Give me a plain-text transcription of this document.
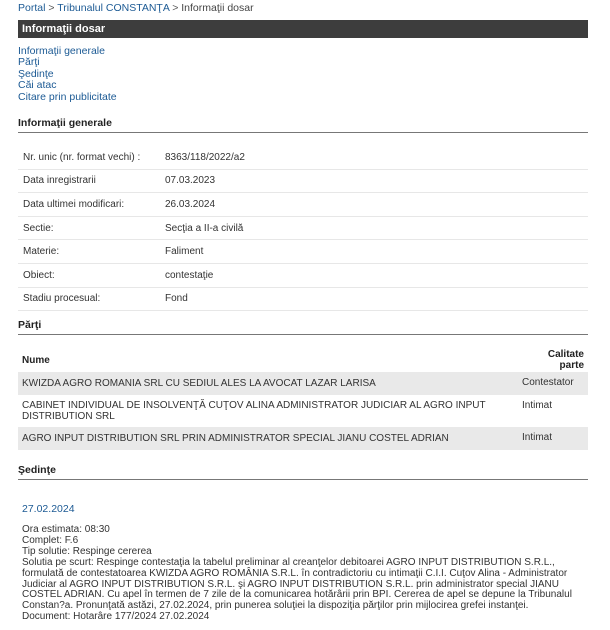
Portal > Tribunalul CONSTANŢA > Informaţii dosar
Informaţii dosar
Informaţii generale
Părţi
Şedinţe
Căi atac
Citare prin publicitate
Informaţii generale
Nr. unic (nr. format vechi) :	8363/118/2022/a2
Data inregistrarii	07.03.2023
Data ultimei modificari:	26.03.2024
Sectie:	Secţia a II-a civilă
Materie:	Faliment
Obiect:	contestaţie
Stadiu procesual:	Fond
Părţi
Nume	Calitate parte
KWIZDA AGRO ROMANIA SRL CU SEDIUL ALES LA AVOCAT LAZAR LARISA	Contestator
CABINET INDIVIDUAL DE INSOLVENŢĂ CUŢOV ALINA ADMINISTRATOR JUDICIAR AL AGRO INPUT DISTRIBUTION SRL	Intimat
AGRO INPUT DISTRIBUTION SRL PRIN ADMINISTRATOR SPECIAL JIANU COSTEL ADRIAN	Intimat
Şedinţe
27.02.2024
Ora estimata: 08:30
Complet: F.6
Tip solutie: Respinge cererea
Solutia pe scurt: Respinge contestaţia la tabelul preliminar al creanţelor debitoarei AGRO INPUT DISTRIBUTION S.R.L., formulată de contestatoarea KWIZDA AGRO ROMÂNIA S.R.L. în contradictoriu cu intimaţii C.I.I. Cuţov Alina - Administrator Judiciar al AGRO INPUT DISTRIBUTION S.R.L. şi AGRO INPUT DISTRIBUTION S.R.L. prin administrator special JIANU COSTEL ADRIAN. Cu apel în termen de 7 zile de la comunicarea hotărârii prin BPI. Cererea de apel se depune la Tribunalul Constan?a. Pronunţată astăzi, 27.02.2024, prin punerea soluţiei la dispoziţia părţilor prin mijlocirea grefei instanţei.
Document: Hotarâre 177/2024 27.02.2024
